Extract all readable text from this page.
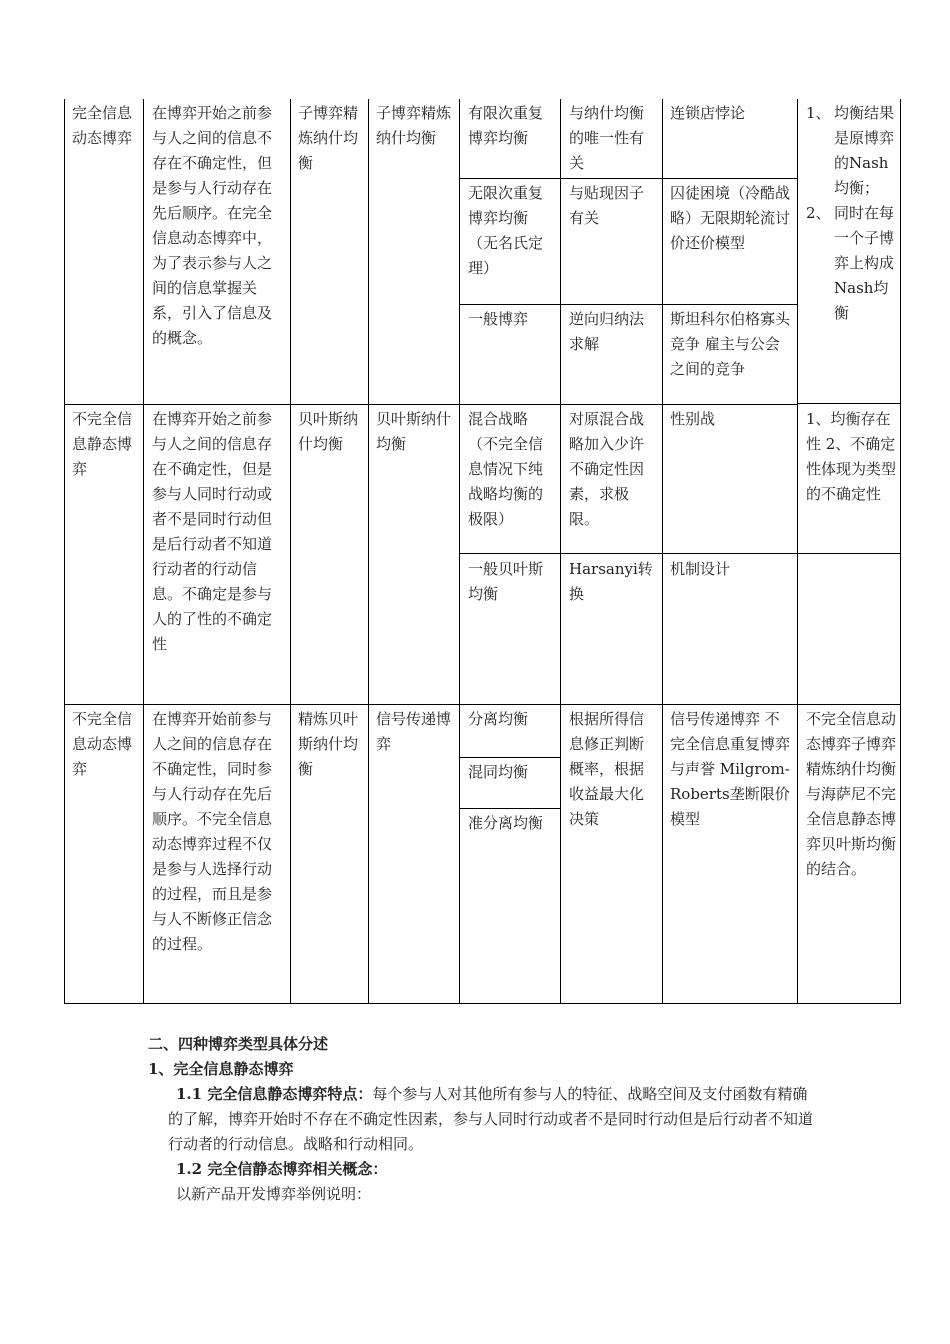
完全信息动态博弈
在博弈开始之前参与人之间的信息不存在不确定性，但是参与人行动存在先后顺序。在完全信息动态博弈中，为了表示参与人之间的信息掌握关系，引入了信息及的概念。
子博弈精炼纳什均衡
子博弈精炼纳什均衡
有限次重复博弈均衡
与纳什均衡的唯一性有关
连锁店悖论
无限次重复博弈均衡（无名氏定理）
与贴现因子有关
囚徒困境（冷酷战略）无限期轮流讨价还价模型
一般博弈	逆向归纳法求解
斯坦科尔伯格寡头竞争 雇主与公会之间的竞争
1、 均衡结果是原博弈的Nash均衡；
2、 同时在每一个子博弈上构成Nash均衡
不完全信息静态博弈
在博弈开始之前参与人之间的信息存在不确定性，但是参与人同时行动或者不是同时行动但是后行动者不知道行动者的行动信息。不确定是参与人的了性的不确定性
贝叶斯纳什均衡
贝叶斯纳什均衡
混合战略（不完全信息情况下纯战略均衡的极限）
对原混合战略加入少许不确定性因素，求极限。
性别战
一般贝叶斯均衡
Harsanyi转换
机制设计
1、均衡存在性 2、不确定性体现为类型的不确定性
不完全信息动态博弈
在博弈开始前参与人之间的信息存在不确定性，同时参与人行动存在先后顺序。不完全信息动态博弈过程不仅是参与人选择行动的过程，而且是参与人不断修正信念的过程。
精炼贝叶斯纳什均衡
信号传递博弈
分离均衡
混同均衡
准分离均衡
根据所得信息修正判断概率，根据收益最大化决策
信号传递博弈 不完全信息重复博弈与声誉 Milgrom-Roberts垄断限价模型
不完全信息动态博弈子博弈精炼纳什均衡与海萨尼不完全信息静态博弈贝叶斯均衡的结合。
二、四种博弈类型具体分述
1、完全信息静态博弈
1.1 完全信息静态博弈特点：每个参与人对其他所有参与人的特征、战略空间及支付函数有精确的了解，博弈开始时不存在不确定性因素，参与人同时行动或者不是同时行动但是后行动者不知道行动者的行动信息。战略和行动相同。
1.2 完全信静态博弈相关概念：
以新产品开发博弈举例说明：
